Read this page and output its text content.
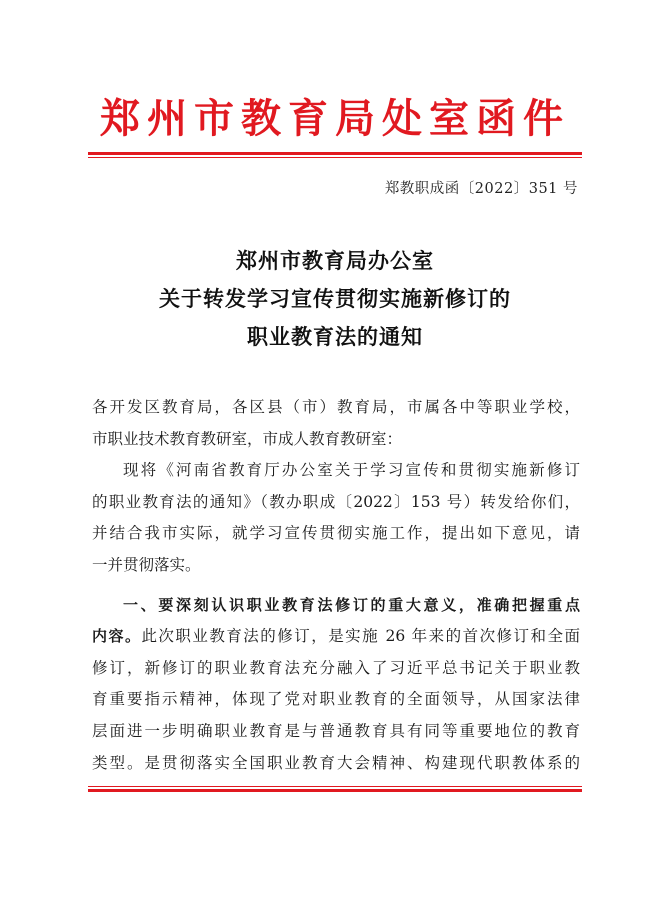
郑州市教育局处室函件
郑教职成函〔2022〕351 号
郑州市教育局办公室
关于转发学习宣传贯彻实施新修订的
职业教育法的通知
各开发区教育局，各区县（市）教育局，市属各中等职业学校，
市职业技术教育教研室，市成人教育教研室：
现将《河南省教育厅办公室关于学习宣传和贯彻实施新修订
的职业教育法的通知》（教办职成〔2022〕153 号）转发给你们，
并结合我市实际，就学习宣传贯彻实施工作，提出如下意见，请
一并贯彻落实。
一、要深刻认识职业教育法修订的重大意义，准确把握重点
内容。此次职业教育法的修订，是实施 26 年来的首次修订和全面
修订，新修订的职业教育法充分融入了习近平总书记关于职业教
育重要指示精神，体现了党对职业教育的全面领导，从国家法律
层面进一步明确职业教育是与普通教育具有同等重要地位的教育
类型。是贯彻落实全国职业教育大会精神、构建现代职教体系的
